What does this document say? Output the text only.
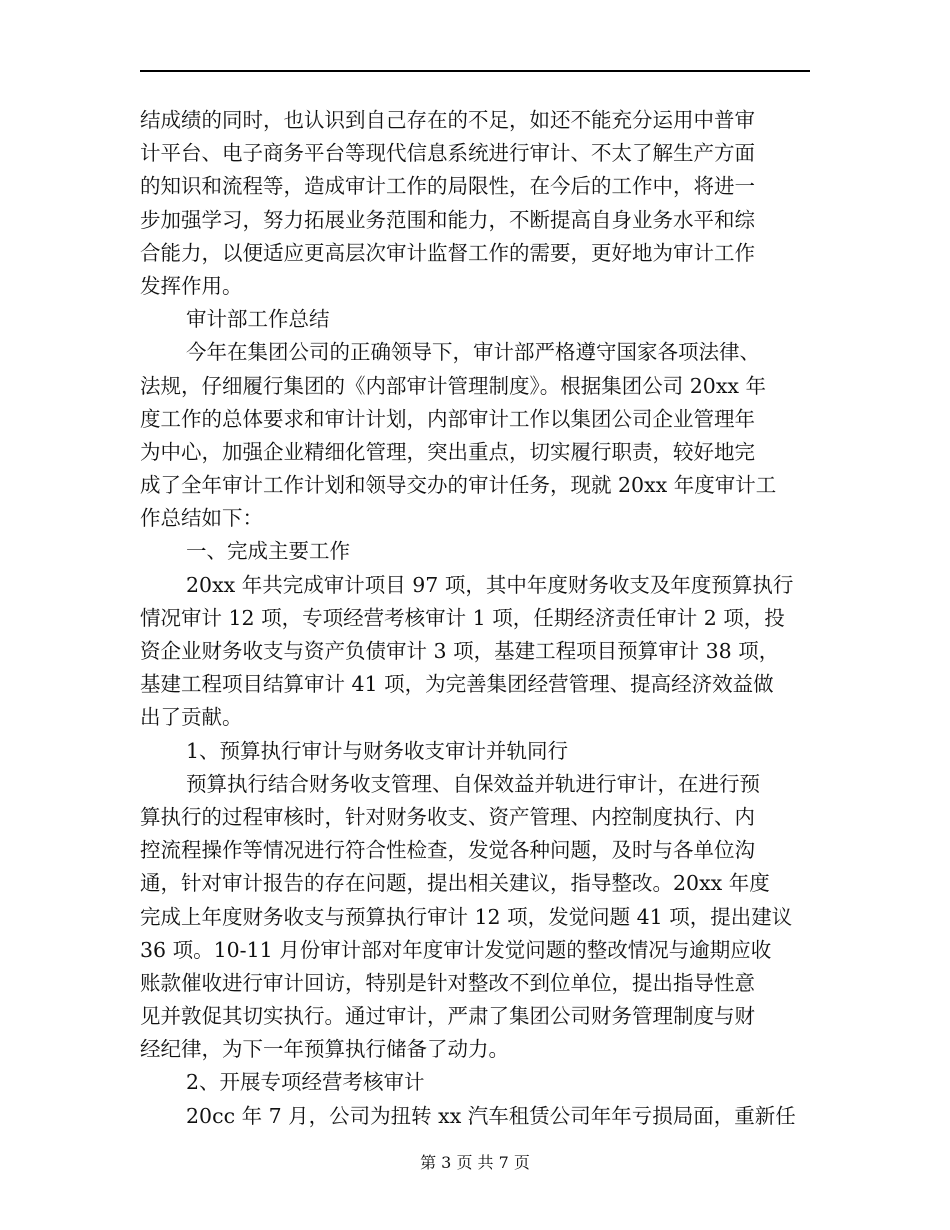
结成绩的同时，也认识到自己存在的不足，如还不能充分运用中普审
计平台、电子商务平台等现代信息系统进行审计、不太了解生产方面
的知识和流程等，造成审计工作的局限性，在今后的工作中，将进一
步加强学习，努力拓展业务范围和能力，不断提高自身业务水平和综
合能力，以便适应更高层次审计监督工作的需要，更好地为审计工作
发挥作用。
审计部工作总结
今年在集团公司的正确领导下，审计部严格遵守国家各项法律、
法规，仔细履行集团的《内部审计管理制度》。根据集团公司 20xx 年
度工作的总体要求和审计计划，内部审计工作以集团公司企业管理年
为中心，加强企业精细化管理，突出重点，切实履行职责，较好地完
成了全年审计工作计划和领导交办的审计任务，现就 20xx 年度审计工
作总结如下：
一、完成主要工作
20xx 年共完成审计项目 97 项，其中年度财务收支及年度预算执行
情况审计 12 项，专项经营考核审计 1 项，任期经济责任审计 2 项，投
资企业财务收支与资产负债审计 3 项，基建工程项目预算审计 38 项，
基建工程项目结算审计 41 项，为完善集团经营管理、提高经济效益做
出了贡献。
1、预算执行审计与财务收支审计并轨同行
预算执行结合财务收支管理、自保效益并轨进行审计，在进行预
算执行的过程审核时，针对财务收支、资产管理、内控制度执行、内
控流程操作等情况进行符合性检查，发觉各种问题，及时与各单位沟
通，针对审计报告的存在问题，提出相关建议，指导整改。20xx 年度
完成上年度财务收支与预算执行审计 12 项，发觉问题 41 项，提出建议
36 项。10-11 月份审计部对年度审计发觉问题的整改情况与逾期应收
账款催收进行审计回访，特别是针对整改不到位单位，提出指导性意
见并敦促其切实执行。通过审计，严肃了集团公司财务管理制度与财
经纪律，为下一年预算执行储备了动力。
2、开展专项经营考核审计
20cc 年 7 月，公司为扭转 xx 汽车租赁公司年年亏损局面，重新任
第 3 页 共 7 页
